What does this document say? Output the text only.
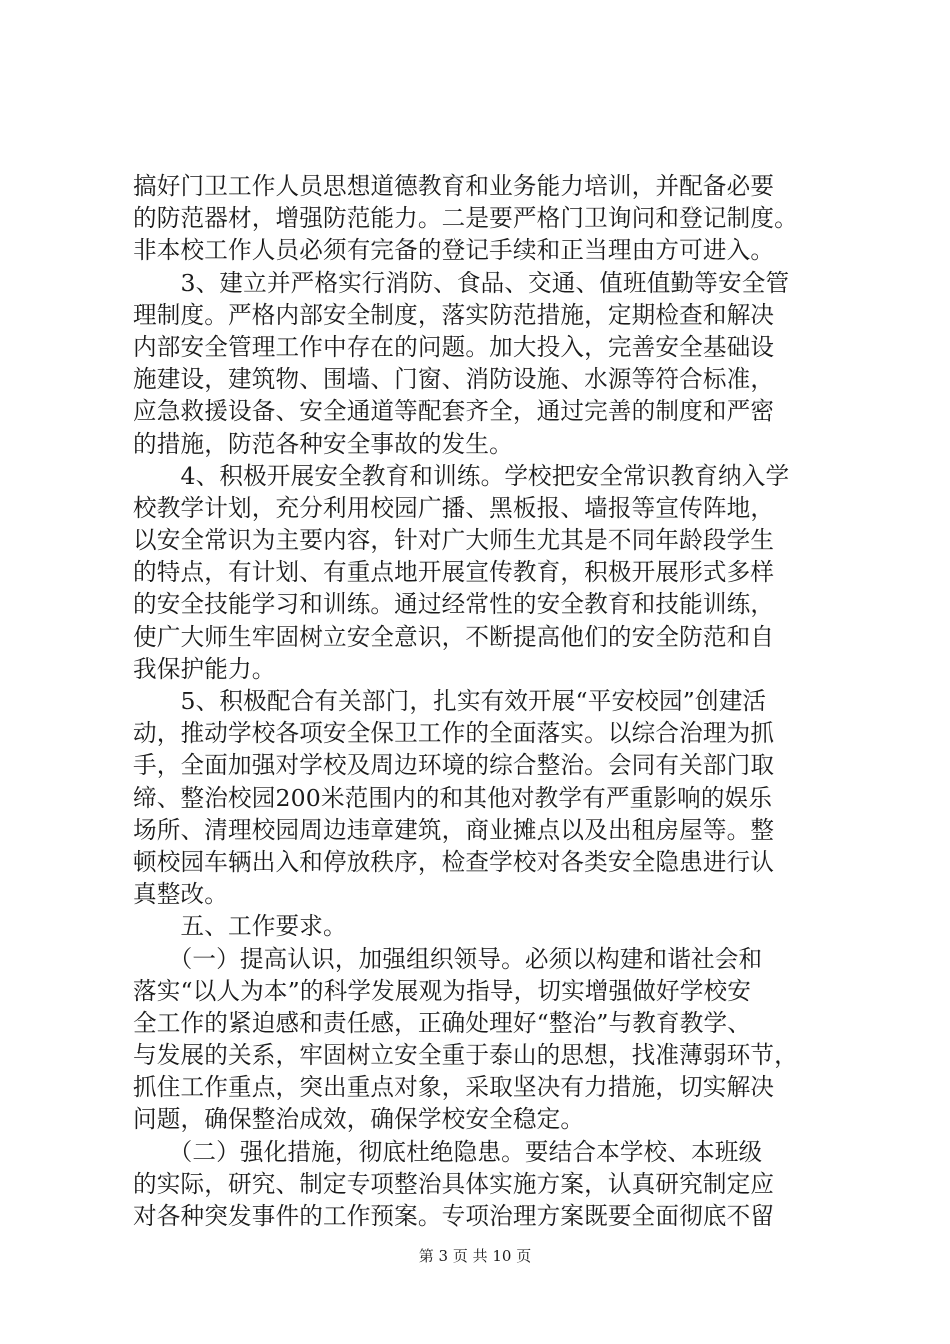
搞好门卫工作人员思想道德教育和业务能力培训，并配备必要
的防范器材，增强防范能力。二是要严格门卫询问和登记制度。
非本校工作人员必须有完备的登记手续和正当理由方可进入。
　　3、建立并严格实行消防、食品、交通、值班值勤等安全管
理制度。严格内部安全制度，落实防范措施，定期检查和解决
内部安全管理工作中存在的问题。加大投入，完善安全基础设
施建设，建筑物、围墙、门窗、消防设施、水源等符合标准，
应急救援设备、安全通道等配套齐全，通过完善的制度和严密
的措施，防范各种安全事故的发生。
　　4、积极开展安全教育和训练。学校把安全常识教育纳入学
校教学计划，充分利用校园广播、黑板报、墙报等宣传阵地，
以安全常识为主要内容，针对广大师生尤其是不同年龄段学生
的特点，有计划、有重点地开展宣传教育，积极开展形式多样
的安全技能学习和训练。通过经常性的安全教育和技能训练，
使广大师生牢固树立安全意识，不断提高他们的安全防范和自
我保护能力。
　　5、积极配合有关部门，扎实有效开展“平安校园”创建活
动，推动学校各项安全保卫工作的全面落实。以综合治理为抓
手，全面加强对学校及周边环境的综合整治。会同有关部门取
缔、整治校园200米范围内的和其他对教学有严重影响的娱乐
场所、清理校园周边违章建筑，商业摊点以及出租房屋等。整
顿校园车辆出入和停放秩序，检查学校对各类安全隐患进行认
真整改。
　　五、工作要求。
　　（一）提高认识，加强组织领导。必须以构建和谐社会和
落实“以人为本”的科学发展观为指导，切实增强做好学校安
全工作的紧迫感和责任感，正确处理好“整治”与教育教学、
与发展的关系，牢固树立安全重于泰山的思想，找准薄弱环节，
抓住工作重点，突出重点对象，采取坚决有力措施，切实解决
问题，确保整治成效，确保学校安全稳定。
　　（二）强化措施，彻底杜绝隐患。要结合本学校、本班级
的实际，研究、制定专项整治具体实施方案，认真研究制定应
对各种突发事件的工作预案。专项治理方案既要全面彻底不留
第 3 页 共 10 页
